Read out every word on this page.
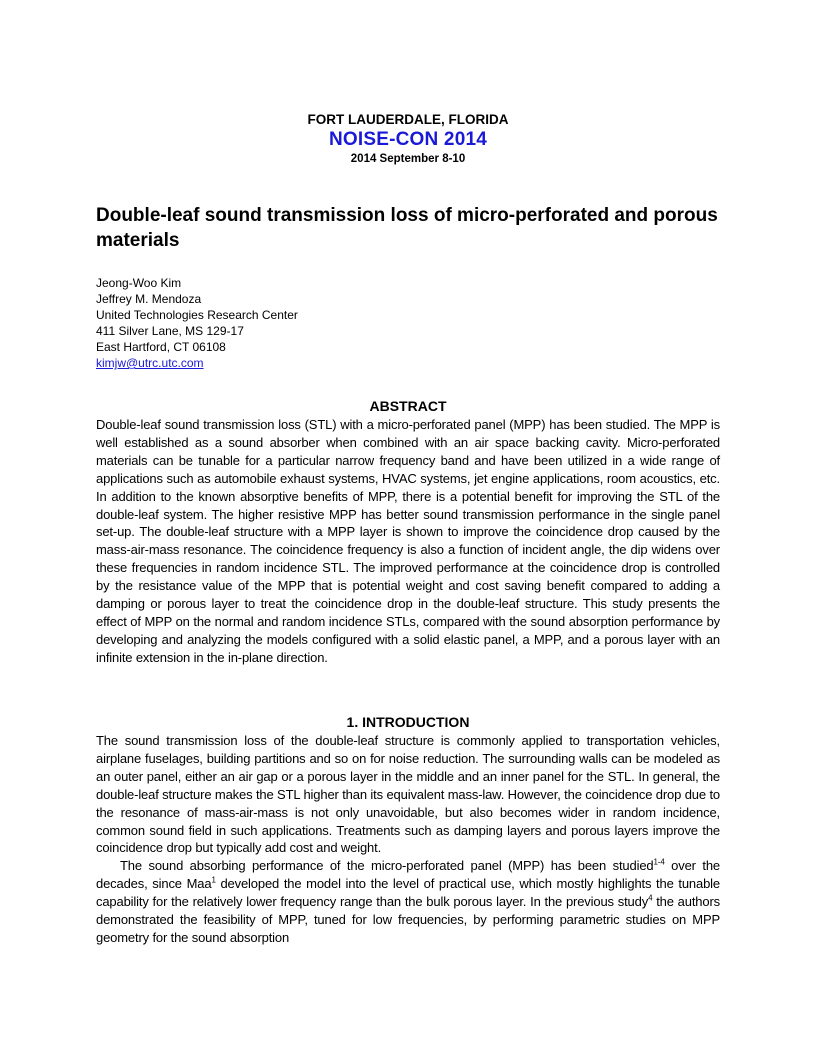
FORT LAUDERDALE, FLORIDA
NOISE-CON 2014
2014 September 8-10
Double-leaf sound transmission loss of micro-perforated and porous materials
Jeong-Woo Kim
Jeffrey M. Mendoza
United Technologies Research Center
411 Silver Lane, MS 129-17
East Hartford, CT 06108
kimjw@utrc.utc.com
ABSTRACT

Double-leaf sound transmission loss (STL) with a micro-perforated panel (MPP) has been studied. The MPP is well established as a sound absorber when combined with an air space backing cavity. Micro-perforated materials can be tunable for a particular narrow frequency band and have been utilized in a wide range of applications such as automobile exhaust systems, HVAC systems, jet engine applications, room acoustics, etc. In addition to the known absorptive benefits of MPP, there is a potential benefit for improving the STL of the double-leaf system. The higher resistive MPP has better sound transmission performance in the single panel set-up. The double-leaf structure with a MPP layer is shown to improve the coincidence drop caused by the mass-air-mass resonance. The coincidence frequency is also a function of incident angle, the dip widens over these frequencies in random incidence STL. The improved performance at the coincidence drop is controlled by the resistance value of the MPP that is potential weight and cost saving benefit compared to adding a damping or porous layer to treat the coincidence drop in the double-leaf structure. This study presents the effect of MPP on the normal and random incidence STLs, compared with the sound absorption performance by developing and analyzing the models configured with a solid elastic panel, a MPP, and a porous layer with an infinite extension in the in-plane direction.

1. INTRODUCTION

The sound transmission loss of the double-leaf structure is commonly applied to transportation vehicles, airplane fuselages, building partitions and so on for noise reduction. The surrounding walls can be modeled as an outer panel, either an air gap or a porous layer in the middle and an inner panel for the STL. In general, the double-leaf structure makes the STL higher than its equivalent mass-law. However, the coincidence drop due to the resonance of mass-air-mass is not only unavoidable, but also becomes wider in random incidence, common sound field in such applications. Treatments such as damping layers and porous layers improve the coincidence drop but typically add cost and weight.

The sound absorbing performance of the micro-perforated panel (MPP) has been studied$^{1-4}$ over the decades, since Maa$^1$ developed the model into the level of practical use, which mostly highlights the tunable capability for the relatively lower frequency range than the bulk porous layer. In the previous study$^4$ the authors demonstrated the feasibility of MPP, tuned for low frequencies, by performing parametric studies on MPP geometry for the sound absorption
